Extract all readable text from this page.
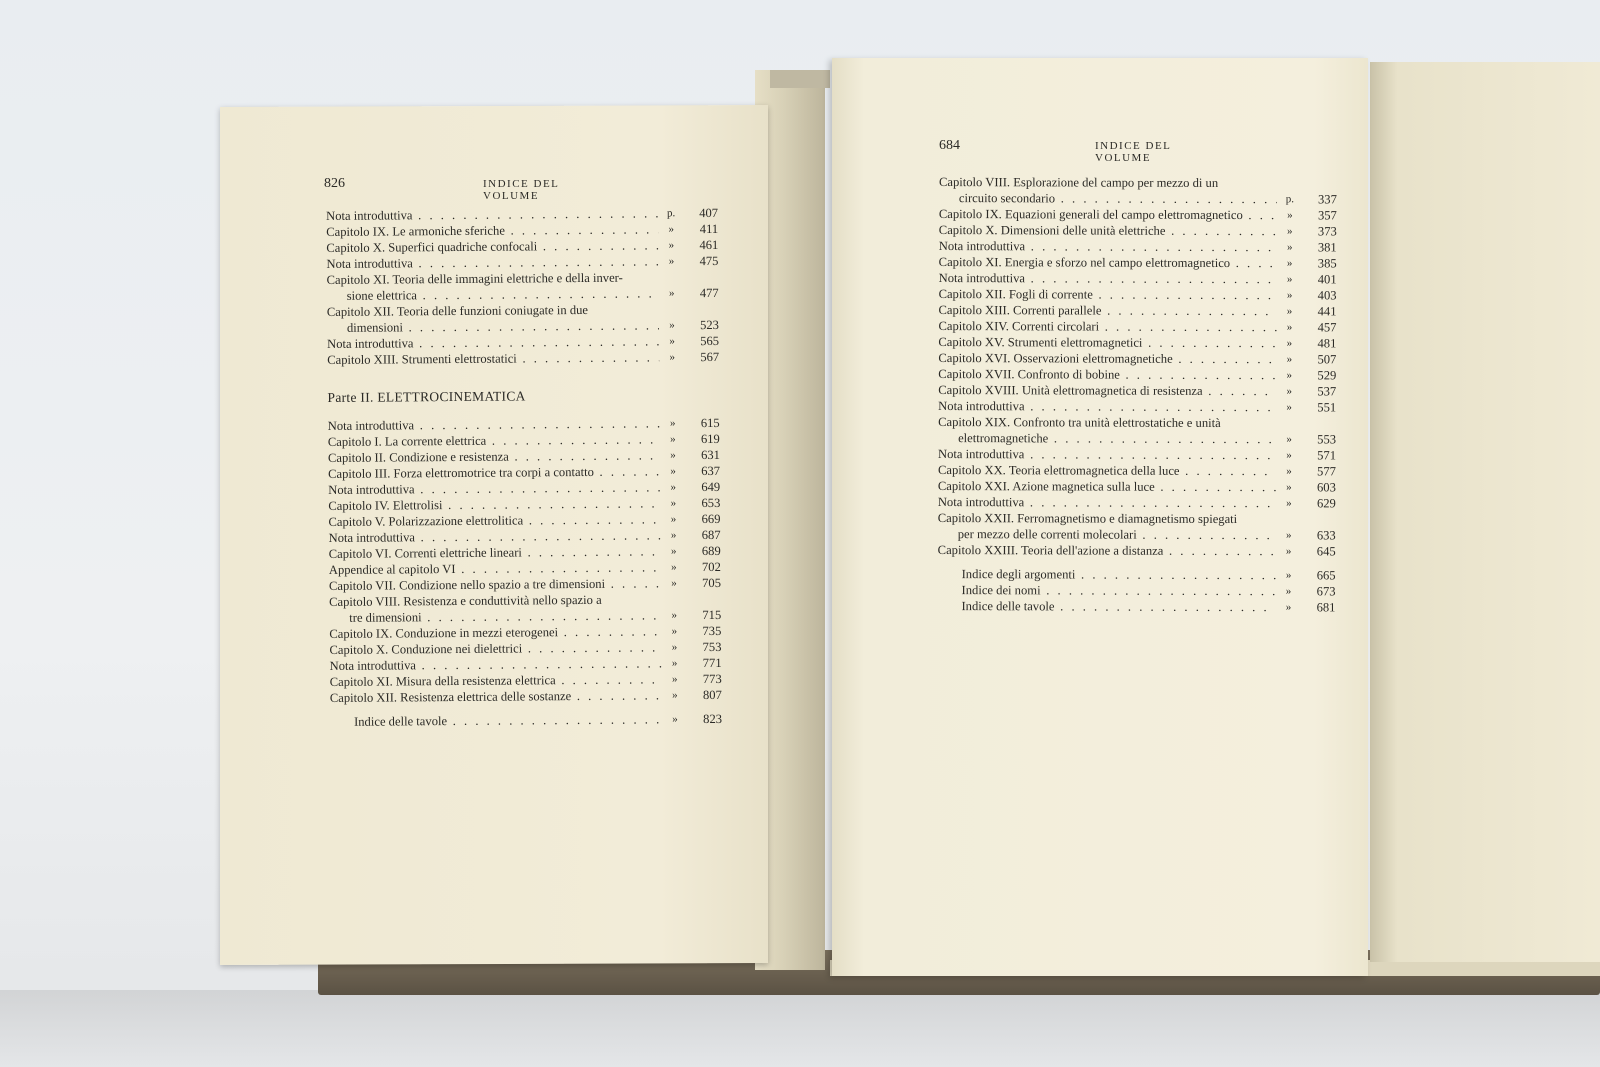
826	INDICE DEL VOLUME
Nota introduttiva . . .	p.	407
Capitolo IX. Le armoniche sferiche . . .	»	411
Capitolo X. Superfici quadriche confocali . . .	»	461
Nota introduttiva . . .	»	475
Capitolo XI. Teoria delle immagini elettriche e della inver-
sione elettrica . . .	»	477
Capitolo XII. Teoria delle funzioni coniugate in due
dimensioni . . .	»	523
Nota introduttiva . . .	»	565
Capitolo XIII. Strumenti elettrostatici . . .	»	567
Parte II. ELETTROCINEMATICA
Nota introduttiva . . .	»	615
Capitolo I. La corrente elettrica . . .	»	619
Capitolo II. Condizione e resistenza . . .	»	631
Capitolo III. Forza elettromotrice tra corpi a contatto . . .	»	637
Nota introduttiva . . .	»	649
Capitolo IV. Elettrolisi . . .	»	653
Capitolo V. Polarizzazione elettrolitica . . .	»	669
Nota introduttiva . . .	»	687
Capitolo VI. Correnti elettriche lineari . . .	»	689
Appendice al capitolo VI . . .	»	702
Capitolo VII. Condizione nello spazio a tre dimensioni . . .	»	705
Capitolo VIII. Resistenza e conduttività nello spazio a
tre dimensioni . . .	»	715
Capitolo IX. Conduzione in mezzi eterogenei . . .	»	735
Capitolo X. Conduzione nei dielettrici . . .	»	753
Nota introduttiva . . .	»	771
Capitolo XI. Misura della resistenza elettrica . . .	»	773
Capitolo XII. Resistenza elettrica delle sostanze . . .	»	807
Indice delle tavole . . .	»	823
684	INDICE DEL VOLUME
Capitolo VIII. Esplorazione del campo per mezzo di un
circuito secondario . . .	p.	337
Capitolo IX. Equazioni generali del campo elettromagnetico . . .	»	357
Capitolo X. Dimensioni delle unità elettriche . . .	»	373
Nota introduttiva . . .	»	381
Capitolo XI. Energia e sforzo nel campo elettromagnetico . . .	»	385
Nota introduttiva . . .	»	401
Capitolo XII. Fogli di corrente . . .	»	403
Capitolo XIII. Correnti parallele . . .	»	441
Capitolo XIV. Correnti circolari . . .	»	457
Capitolo XV. Strumenti elettromagnetici . . .	»	481
Capitolo XVI. Osservazioni elettromagnetiche . . .	»	507
Capitolo XVII. Confronto di bobine . . .	»	529
Capitolo XVIII. Unità elettromagnetica di resistenza . . .	»	537
Nota introduttiva . . .	»	551
Capitolo XIX. Confronto tra unità elettrostatiche e unità
elettromagnetiche . . .	»	553
Nota introduttiva . . .	»	571
Capitolo XX. Teoria elettromagnetica della luce . . .	»	577
Capitolo XXI. Azione magnetica sulla luce . . .	»	603
Nota introduttiva . . .	»	629
Capitolo XXII. Ferromagnetismo e diamagnetismo spiegati
per mezzo delle correnti molecolari . . .	»	633
Capitolo XXIII. Teoria dell'azione a distanza . . .	»	645
Indice degli argomenti . . .	»	665
Indice dei nomi . . .	»	673
Indice delle tavole . . .	»	681
